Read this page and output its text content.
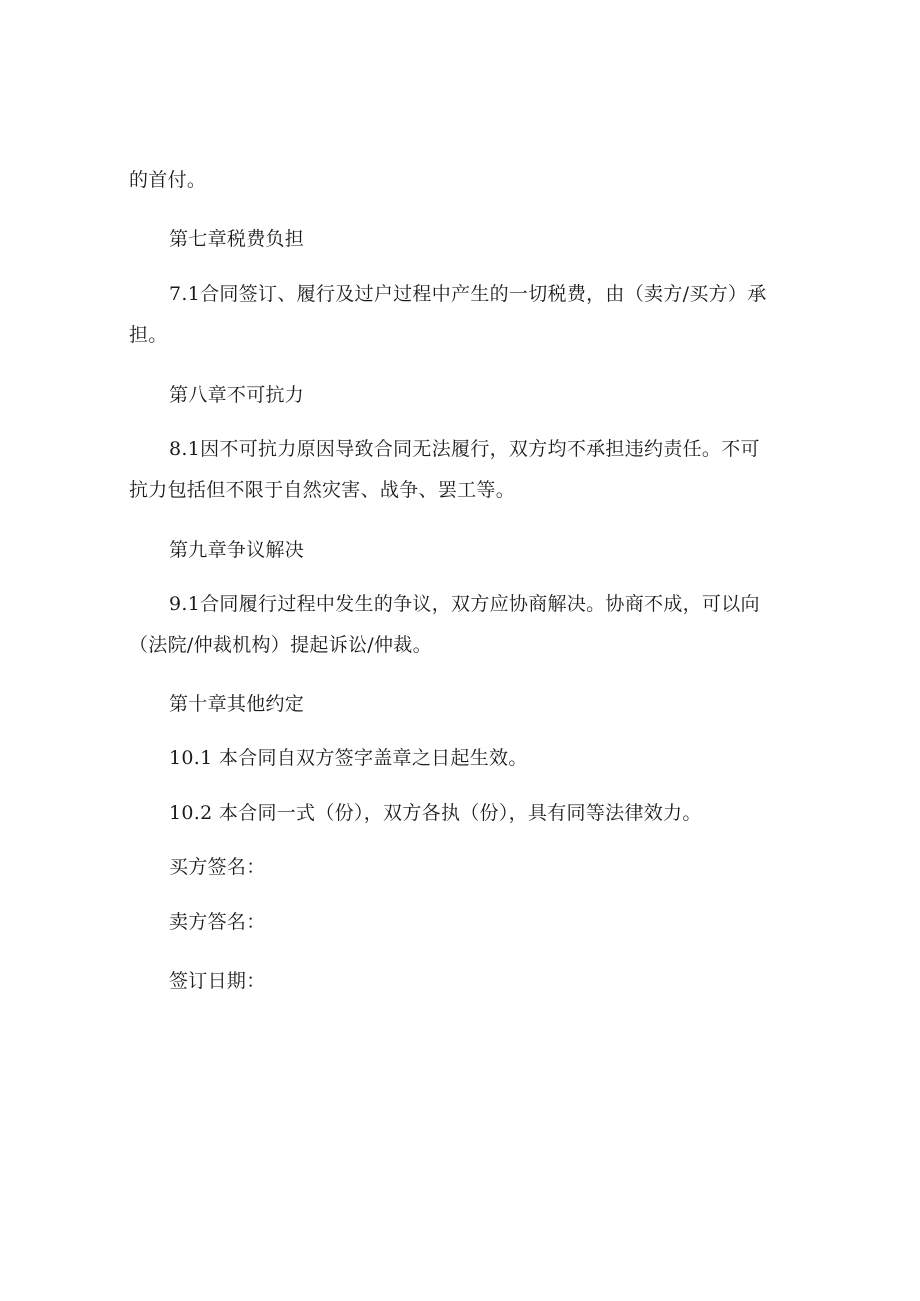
的首付。
第七章税费负担
7.1合同签订、履行及过户过程中产生的一切税费，由（卖方/买方）承
担。
第八章不可抗力
8.1因不可抗力原因导致合同无法履行，双方均不承担违约责任。不可
抗力包括但不限于自然灾害、战争、罢工等。
第九章争议解决
9.1合同履行过程中发生的争议，双方应协商解决。协商不成，可以向
（法院/仲裁机构）提起诉讼/仲裁。
第十章其他约定
10.1 本合同自双方签字盖章之日起生效。
10.2 本合同一式（份），双方各执（份），具有同等法律效力。
买方签名：
卖方答名：
签订日期：
